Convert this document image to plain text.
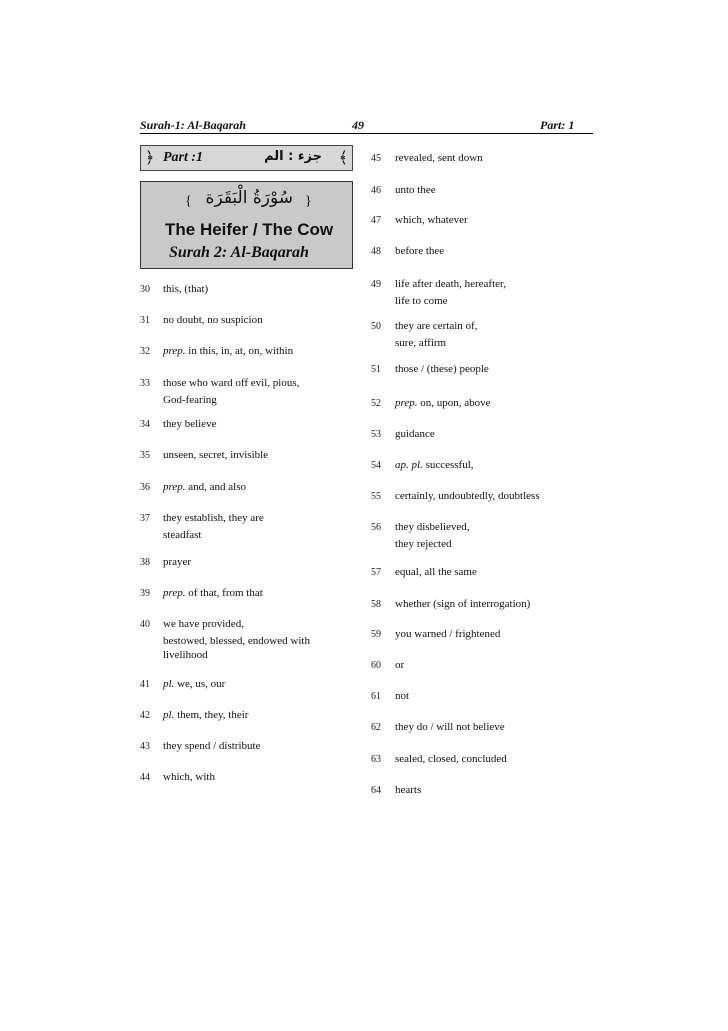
Surah-1: Al-Baqarah	49	Part: 1
﴿ Part :1	جزء : الم ﴾
{ سُوْرَةُ الْبَقَرَة }
The Heifer / The Cow
Surah 2: Al-Baqarah
30 this, (that)
31 no doubt, no suspicion
32 prep. in this, in, at, on, within
33 those who ward off evil, pious,
God-fearing
34 they believe
35 unseen, secret, invisible
36 prep. and, and also
37 they establish, they are
steadfast
38 prayer
39 prep. of that, from that
40 we have provided,
bestowed, blessed, endowed with
livelihood
41 pl. we, us, our
42 pl. them, they, their
43 they spend / distribute
44 which, with
45 revealed, sent down
46 unto thee
47 which, whatever
48 before thee
49 life after death, hereafter,
life to come
50 they are certain of,
sure, affirm
51 those / (these) people
52 prep. on, upon, above
53 guidance
54 ap. pl. successful,
55 certainly, undoubtedly, doubtless
56 they disbelieved,
they rejected
57 equal, all the same
58 whether (sign of interrogation)
59 you warned / frightened
60 or
61 not
62 they do / will not believe
63 sealed, closed, concluded
64 hearts
